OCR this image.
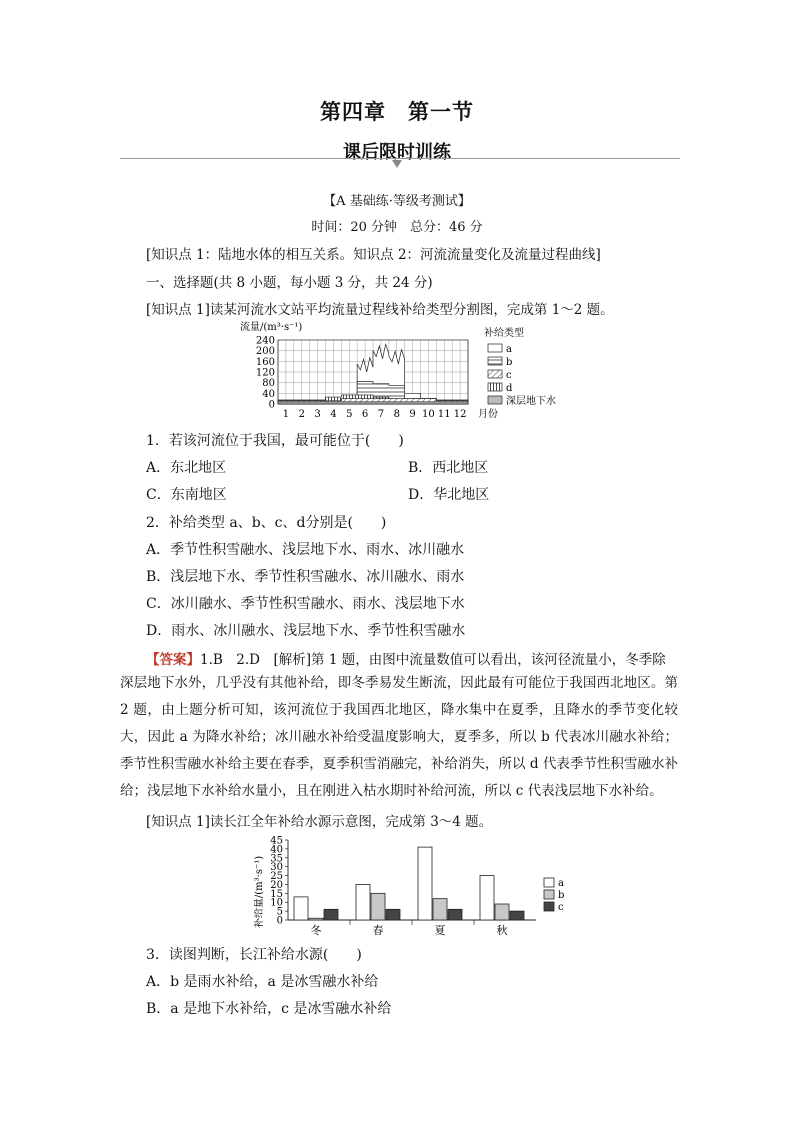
第四章　第一节
课后限时训练
【A 基础练·等级考测试】
时间：20 分钟　总分：46 分
[知识点 1：陆地水体的相互关系。知识点 2：河流流量变化及流量过程曲线]
一、选择题(共 8 小题，每小题 3 分，共 24 分)
[知识点 1]读某河流水文站平均流量过程线补给类型分割图，完成第 1～2 题。
流量/(m³·s⁻¹)
240
200
160
120
80
40
0
1 2 3 4 5 6 7 8 9 10 11 12 月份
补给类型
a
b
c
d
深层地下水
1．若该河流位于我国，最可能位于(　　)
A．东北地区	B．西北地区
C．东南地区	D．华北地区
2．补给类型 a、b、c、d分别是(　　)
A．季节性积雪融水、浅层地下水、雨水、冰川融水
B．浅层地下水、季节性积雪融水、冰川融水、雨水
C．冰川融水、季节性积雪融水、雨水、浅层地下水
D．雨水、冰川融水、浅层地下水、季节性积雪融水
【答案】1.B　2.D　[解析]第 1 题，由图中流量数值可以看出，该河径流量小，冬季除
深层地下水外，几乎没有其他补给，即冬季易发生断流，因此最有可能位于我国西北地区。第 2 题，由上题分析可知，该河流位于我国西北地区，降水集中在夏季，且降水的季节变化较大，因此 a 为降水补给；冰川融水补给受温度影响大，夏季多，所以 b 代表冰川融水补给；季节性积雪融水补给主要在春季，夏季积雪消融完，补给消失，所以 d 代表季节性积雪融水补给；浅层地下水补给水量小，且在刚进入枯水期时补给河流，所以 c 代表浅层地下水补给。
[知识点 1]读长江全年补给水源示意图，完成第 3～4 题。
补给量/(m³·s⁻¹)
45
40
35
30
25
20
15
10
5
0
冬	春	夏	秋
a
b
c
3．读图判断，长江补给水源(　　)
A．b 是雨水补给，a 是冰雪融水补给
B．a 是地下水补给，c 是冰雪融水补给
